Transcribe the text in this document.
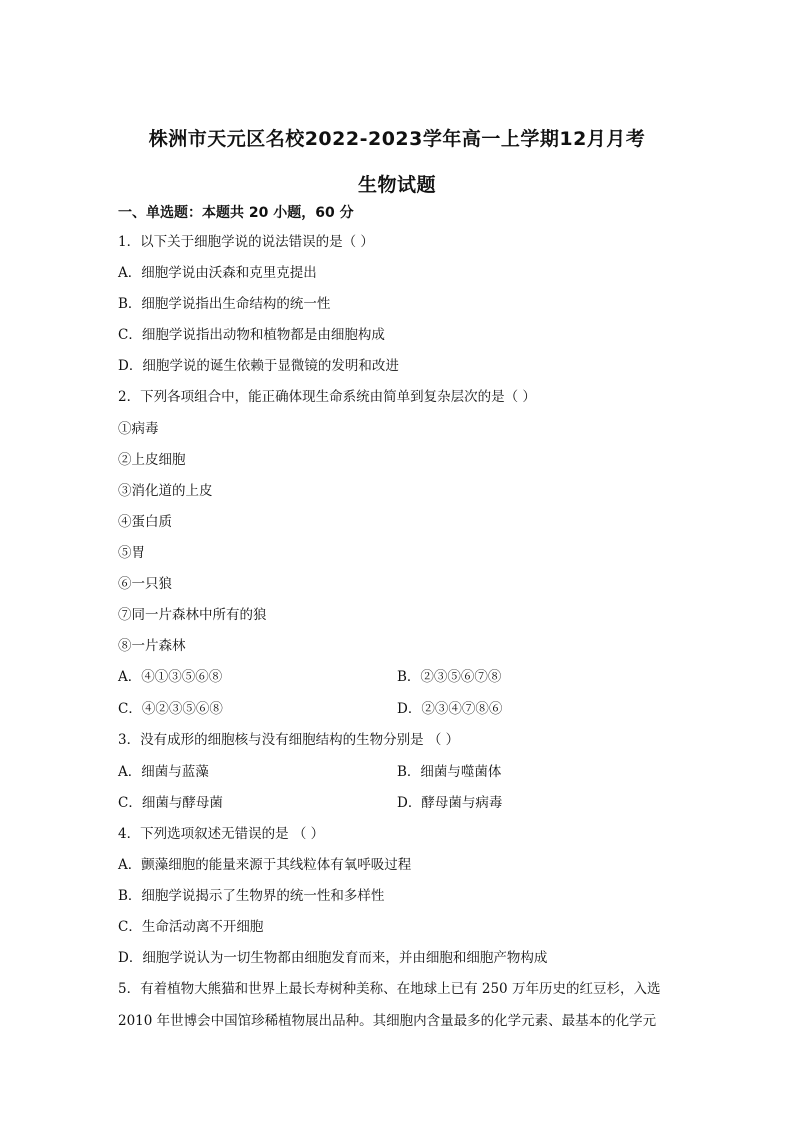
株洲市天元区名校2022-2023学年高一上学期12月月考
生物试题
一、单选题：本题共 20 小题，60 分
1．以下关于细胞学说的说法错误的是（ ）
A．细胞学说由沃森和克里克提出
B．细胞学说指出生命结构的统一性
C．细胞学说指出动物和植物都是由细胞构成
D．细胞学说的诞生依赖于显微镜的发明和改进
2．下列各项组合中，能正确体现生命系统由简单到复杂层次的是（ ）
①病毒
②上皮细胞
③消化道的上皮
④蛋白质
⑤胃
⑥一只狼
⑦同一片森林中所有的狼
⑧一片森林
A．④①③⑤⑥⑧	B．②③⑤⑥⑦⑧
C．④②③⑤⑥⑧	D．②③④⑦⑧⑥
3．没有成形的细胞核与没有细胞结构的生物分别是 （ ）
A．细菌与蓝藻	B．细菌与噬菌体
C．细菌与酵母菌	D．酵母菌与病毒
4．下列选项叙述无错误的是 （ ）
A．颤藻细胞的能量来源于其线粒体有氧呼吸过程
B．细胞学说揭示了生物界的统一性和多样性
C．生命活动离不开细胞
D．细胞学说认为一切生物都由细胞发育而来，并由细胞和细胞产物构成
5．有着植物大熊猫和世界上最长寿树种美称、在地球上已有 250 万年历史的红豆杉，入选
2010 年世博会中国馆珍稀植物展出品种。其细胞内含量最多的化学元素、最基本的化学元
